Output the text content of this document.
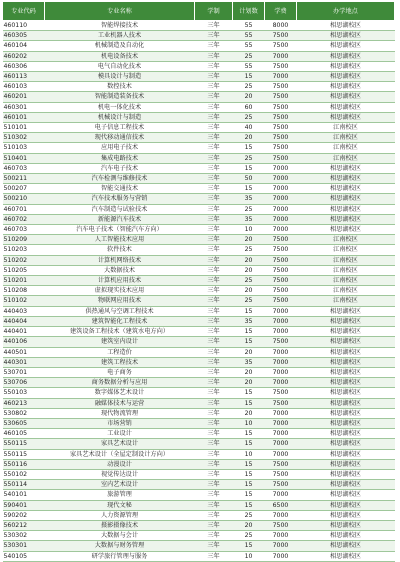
专业代码	专业名称	学制	计划数	学费	办学地点
460110	智能焊接技术	三年	55	8000	相思湖校区
460305	工业机器人技术	三年	55	7500	相思湖校区
460104	机械制造及自动化	三年	55	7500	相思湖校区
460202	机电设备技术	三年	25	7000	相思湖校区
460306	电气自动化技术	三年	55	7500	相思湖校区
460113	模具设计与制造	三年	15	7000	相思湖校区
460103	数控技术	三年	25	7500	相思湖校区
460201	智能制造装备技术	三年	20	7500	相思湖校区
460301	机电一体化技术	三年	60	7500	相思湖校区
460101	机械设计与制造	三年	25	7500	相思湖校区
510101	电子信息工程技术	三年	40	7500	江南校区
510302	现代移动通信技术	三年	20	7500	江南校区
510103	应用电子技术	三年	15	7500	江南校区
510401	集成电路技术	三年	25	7500	江南校区
460703	汽车电子技术	三年	15	7000	相思湖校区
500211	汽车检测与维修技术	三年	50	7000	相思湖校区
500207	智能交通技术	三年	15	7000	相思湖校区
500210	汽车技术服务与营销	三年	35	7000	相思湖校区
460701	汽车制造与试验技术	三年	25	7000	相思湖校区
460702	新能源汽车技术	三年	35	7000	相思湖校区
460703	汽车电子技术（智能汽车方向）	三年	10	7000	相思湖校区
510209	人工智能技术应用	三年	20	7500	江南校区
510203	软件技术	三年	25	7500	江南校区
510202	计算机网络技术	三年	20	7500	江南校区
510205	大数据技术	三年	20	7500	江南校区
510201	计算机应用技术	三年	25	7500	江南校区
510208	虚拟现实技术应用	三年	20	7500	江南校区
510102	物联网应用技术	三年	25	7500	江南校区
440403	供热通风与空调工程技术	三年	15	7000	相思湖校区
440404	建筑智能化工程技术	三年	35	7000	相思湖校区
440401	建筑设备工程技术（建筑水电方向）	三年	15	7000	相思湖校区
440106	建筑室内设计	三年	15	7500	相思湖校区
440501	工程造价	三年	20	7000	相思湖校区
440301	建筑工程技术	三年	35	7000	相思湖校区
530701	电子商务	三年	20	7000	相思湖校区
530706	商务数据分析与应用	三年	20	7000	相思湖校区
550103	数字媒体艺术设计	三年	15	7500	相思湖校区
460213	融媒体技术与运营	三年	15	7500	相思湖校区
530802	现代物流管理	三年	20	7000	相思湖校区
530605	市场营销	三年	10	7000	相思湖校区
460105	工业设计	三年	15	7000	相思湖校区
550115	家具艺术设计	三年	15	7000	相思湖校区
550115	家具艺术设计（全屋定制设计方向）	三年	10	7000	相思湖校区
550116	动漫设计	三年	15	7500	相思湖校区
550102	视觉传达设计	三年	15	7500	相思湖校区
550114	室内艺术设计	三年	15	7500	相思湖校区
540101	旅游管理	三年	15	7000	相思湖校区
590401	现代文秘	三年	15	6500	相思湖校区
590202	人力资源管理	三年	25	7000	相思湖校区
560212	摄影摄像技术	三年	20	7500	相思湖校区
530302	大数据与会计	三年	25	7000	相思湖校区
530301	大数据与财务管理	三年	15	7000	相思湖校区
540105	研学旅行管理与服务	三年	10	7000	相思湖校区
